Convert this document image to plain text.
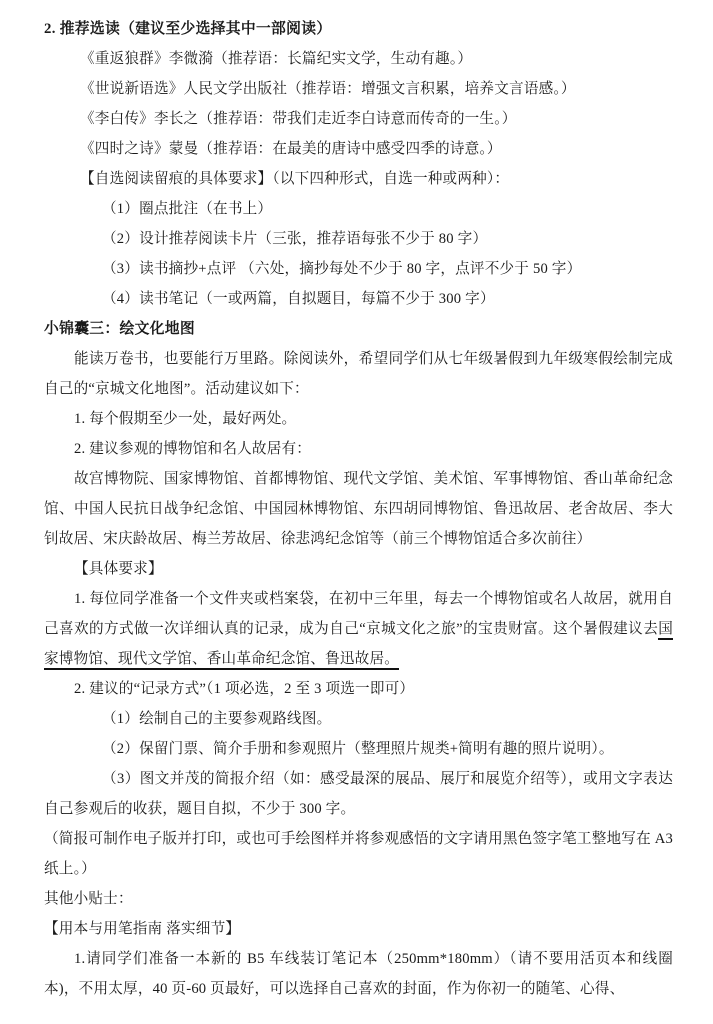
2. 推荐选读（建议至少选择其中一部阅读）
《重返狼群》李微漪（推荐语：长篇纪实文学，生动有趣。）
《世说新语选》人民文学出版社（推荐语：增强文言积累，培养文言语感。）
《李白传》李长之（推荐语：带我们走近李白诗意而传奇的一生。）
《四时之诗》蒙曼（推荐语：在最美的唐诗中感受四季的诗意。）
【自选阅读留痕的具体要求】（以下四种形式，自选一种或两种）：
（1）圈点批注（在书上）
（2）设计推荐阅读卡片（三张，推荐语每张不少于 80 字）
（3）读书摘抄+点评 （六处，摘抄每处不少于 80 字，点评不少于 50 字）
（4）读书笔记（一或两篇，自拟题目，每篇不少于 300 字）
小锦囊三：绘文化地图
能读万卷书，也要能行万里路。除阅读外，希望同学们从七年级暑假到九年级寒假绘制完成自己的“京城文化地图”。活动建议如下：
1. 每个假期至少一处，最好两处。
2. 建议参观的博物馆和名人故居有：
故宫博物院、国家博物馆、首都博物馆、现代文学馆、美术馆、军事博物馆、香山革命纪念馆、中国人民抗日战争纪念馆、中国园林博物馆、东四胡同博物馆、鲁迅故居、老舍故居、李大钊故居、宋庆龄故居、梅兰芳故居、徐悲鸿纪念馆等（前三个博物馆适合多次前往）
【具体要求】
1. 每位同学准备一个文件夹或档案袋，在初中三年里，每去一个博物馆或名人故居，就用自己喜欢的方式做一次详细认真的记录，成为自己“京城文化之旅”的宝贵财富。这个暑假建议去国家博物馆、现代文学馆、香山革命纪念馆、鲁迅故居。
2. 建议的“记录方式”（1 项必选，2 至 3 项选一即可）
（1）绘制自己的主要参观路线图。
（2）保留门票、简介手册和参观照片（整理照片规类+简明有趣的照片说明）。
（3）图文并茂的简报介绍（如：感受最深的展品、展厅和展览介绍等），或用文字表达自己参观后的收获，题目自拟，不少于 300 字。
（简报可制作电子版并打印，或也可手绘图样并将参观感悟的文字请用黑色签字笔工整地写在 A3 纸上。）
其他小贴士：
【用本与用笔指南 落实细节】
1.请同学们准备一本新的 B5 车线装订笔记本（250mm*180mm）（请不要用活页本和线圈本)，不用太厚，40 页-60 页最好，可以选择自己喜欢的封面，作为你初一的随笔、心得、
